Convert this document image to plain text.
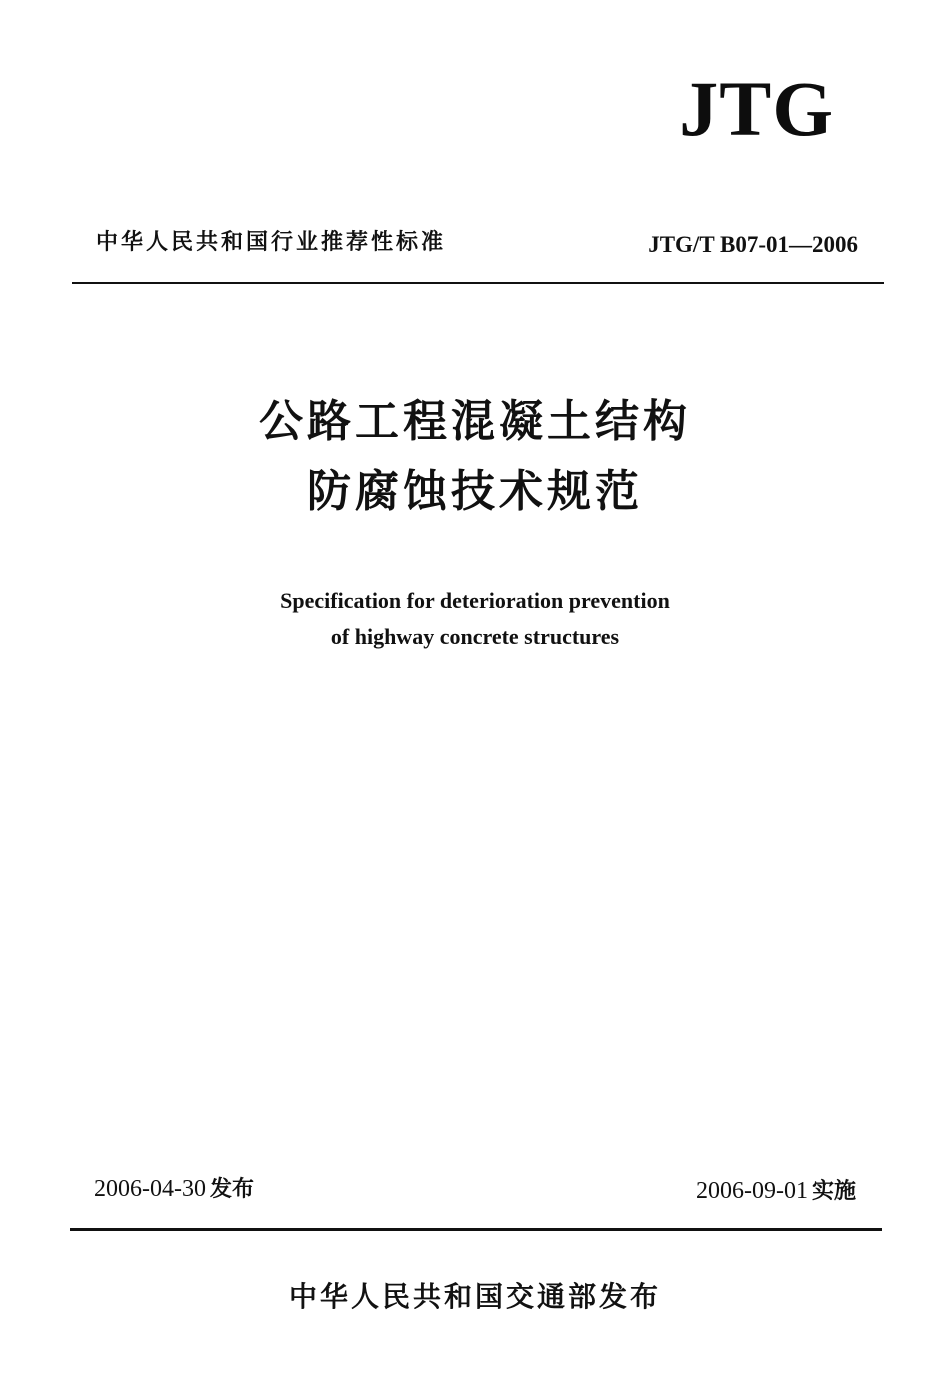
JTG
中华人民共和国行业推荐性标准	JTG/T B07-01—2006
公路工程混凝土结构
防腐蚀技术规范
Specification for deterioration prevention
of highway concrete structures
2006-04-30 发布	2006-09-01 实施
中华人民共和国交通部发布
